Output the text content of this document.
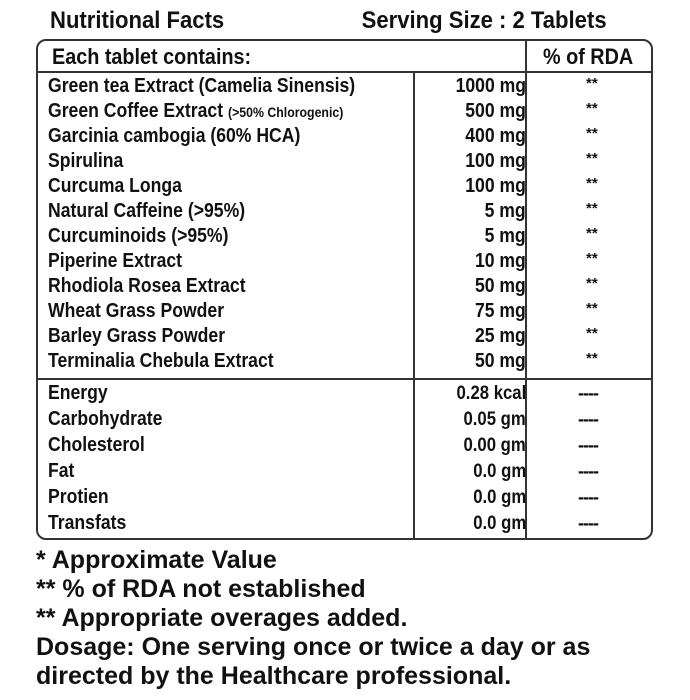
Nutritional Facts	Serving Size : 2 Tablets
Each tablet contains:	% of RDA
Green tea Extract (Camelia Sinensis)	1000 mg	**
Green Coffee Extract (>50% Chlorogenic)	500 mg	**
Garcinia cambogia (60% HCA)	400 mg	**
Spirulina	100 mg	**
Curcuma Longa	100 mg	**
Natural Caffeine (>95%)	5 mg	**
Curcuminoids (>95%)	5 mg	**
Piperine Extract	10 mg	**
Rhodiola Rosea Extract	50 mg	**
Wheat Grass Powder	75 mg	**
Barley Grass Powder	25 mg	**
Terminalia Chebula Extract	50 mg	**
Energy	0.28 kcal	----
Carbohydrate	0.05 gm	----
Cholesterol	0.00 gm	----
Fat	0.0 gm	----
Protien	0.0 gm	----
Transfats	0.0 gm	----
* Approximate Value
** % of RDA not established
** Appropriate overages added.
Dosage: One serving once or twice a day or as
directed by the Healthcare professional.
